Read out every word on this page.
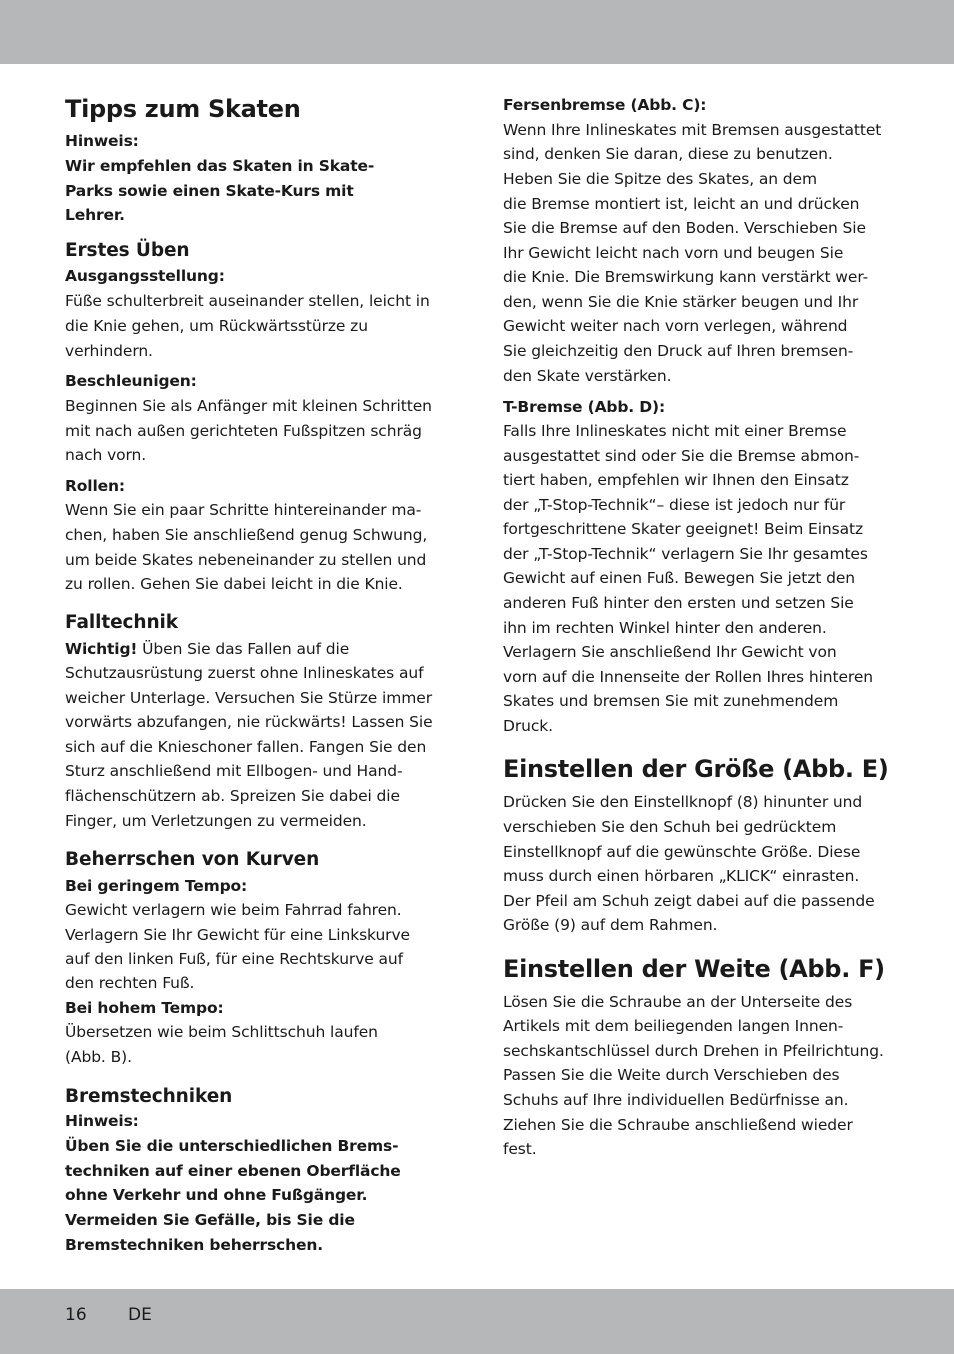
Tipps zum Skaten
Hinweis:
Wir empfehlen das Skaten in Skate-
Parks sowie einen Skate-Kurs mit
Lehrer.
Erstes Üben
Ausgangsstellung:
Füße schulterbreit auseinander stellen, leicht in
die Knie gehen, um Rückwärtsstürze zu
verhindern.
Beschleunigen:
Beginnen Sie als Anfänger mit kleinen Schritten
mit nach außen gerichteten Fußspitzen schräg
nach vorn.
Rollen:
Wenn Sie ein paar Schritte hintereinander ma-
chen, haben Sie anschließend genug Schwung,
um beide Skates nebeneinander zu stellen und
zu rollen. Gehen Sie dabei leicht in die Knie.
Falltechnik
Wichtig! Üben Sie das Fallen auf die
Schutzausrüstung zuerst ohne Inlineskates auf
weicher Unterlage. Versuchen Sie Stürze immer
vorwärts abzufangen, nie rückwärts! Lassen Sie
sich auf die Knieschoner fallen. Fangen Sie den
Sturz anschließend mit Ellbogen- und Hand-
flächenschützern ab. Spreizen Sie dabei die
Finger, um Verletzungen zu vermeiden.
Beherrschen von Kurven
Bei geringem Tempo:
Gewicht verlagern wie beim Fahrrad fahren.
Verlagern Sie Ihr Gewicht für eine Linkskurve
auf den linken Fuß, für eine Rechtskurve auf
den rechten Fuß.
Bei hohem Tempo:
Übersetzen wie beim Schlittschuh laufen
(Abb. B).
Bremstechniken
Hinweis:
Üben Sie die unterschiedlichen Brems-
techniken auf einer ebenen Oberfläche
ohne Verkehr und ohne Fußgänger.
Vermeiden Sie Gefälle, bis Sie die
Bremstechniken beherrschen.
Fersenbremse (Abb. C):
Wenn Ihre Inlineskates mit Bremsen ausgestattet
sind, denken Sie daran, diese zu benutzen.
Heben Sie die Spitze des Skates, an dem
die Bremse montiert ist, leicht an und drücken
Sie die Bremse auf den Boden. Verschieben Sie
Ihr Gewicht leicht nach vorn und beugen Sie
die Knie. Die Bremswirkung kann verstärkt wer-
den, wenn Sie die Knie stärker beugen und Ihr
Gewicht weiter nach vorn verlegen, während
Sie gleichzeitig den Druck auf Ihren bremsen-
den Skate verstärken.
T-Bremse (Abb. D):
Falls Ihre Inlineskates nicht mit einer Bremse
ausgestattet sind oder Sie die Bremse abmon-
tiert haben, empfehlen wir Ihnen den Einsatz
der „T-Stop-Technik“– diese ist jedoch nur für
fortgeschrittene Skater geeignet! Beim Einsatz
der „T-Stop-Technik“ verlagern Sie Ihr gesamtes
Gewicht auf einen Fuß. Bewegen Sie jetzt den
anderen Fuß hinter den ersten und setzen Sie
ihn im rechten Winkel hinter den anderen.
Verlagern Sie anschließend Ihr Gewicht von
vorn auf die Innenseite der Rollen Ihres hinteren
Skates und bremsen Sie mit zunehmendem
Druck.
Einstellen der Größe (Abb. E)
Drücken Sie den Einstellknopf (8) hinunter und
verschieben Sie den Schuh bei gedrücktem
Einstellknopf auf die gewünschte Größe. Diese
muss durch einen hörbaren „KLICK“ einrasten.
Der Pfeil am Schuh zeigt dabei auf die passende
Größe (9) auf dem Rahmen.
Einstellen der Weite (Abb. F)
Lösen Sie die Schraube an der Unterseite des
Artikels mit dem beiliegenden langen Innen-
sechskantschlüssel durch Drehen in Pfeilrichtung.
Passen Sie die Weite durch Verschieben des
Schuhs auf Ihre individuellen Bedürfnisse an.
Ziehen Sie die Schraube anschließend wieder
fest.
16 DE
